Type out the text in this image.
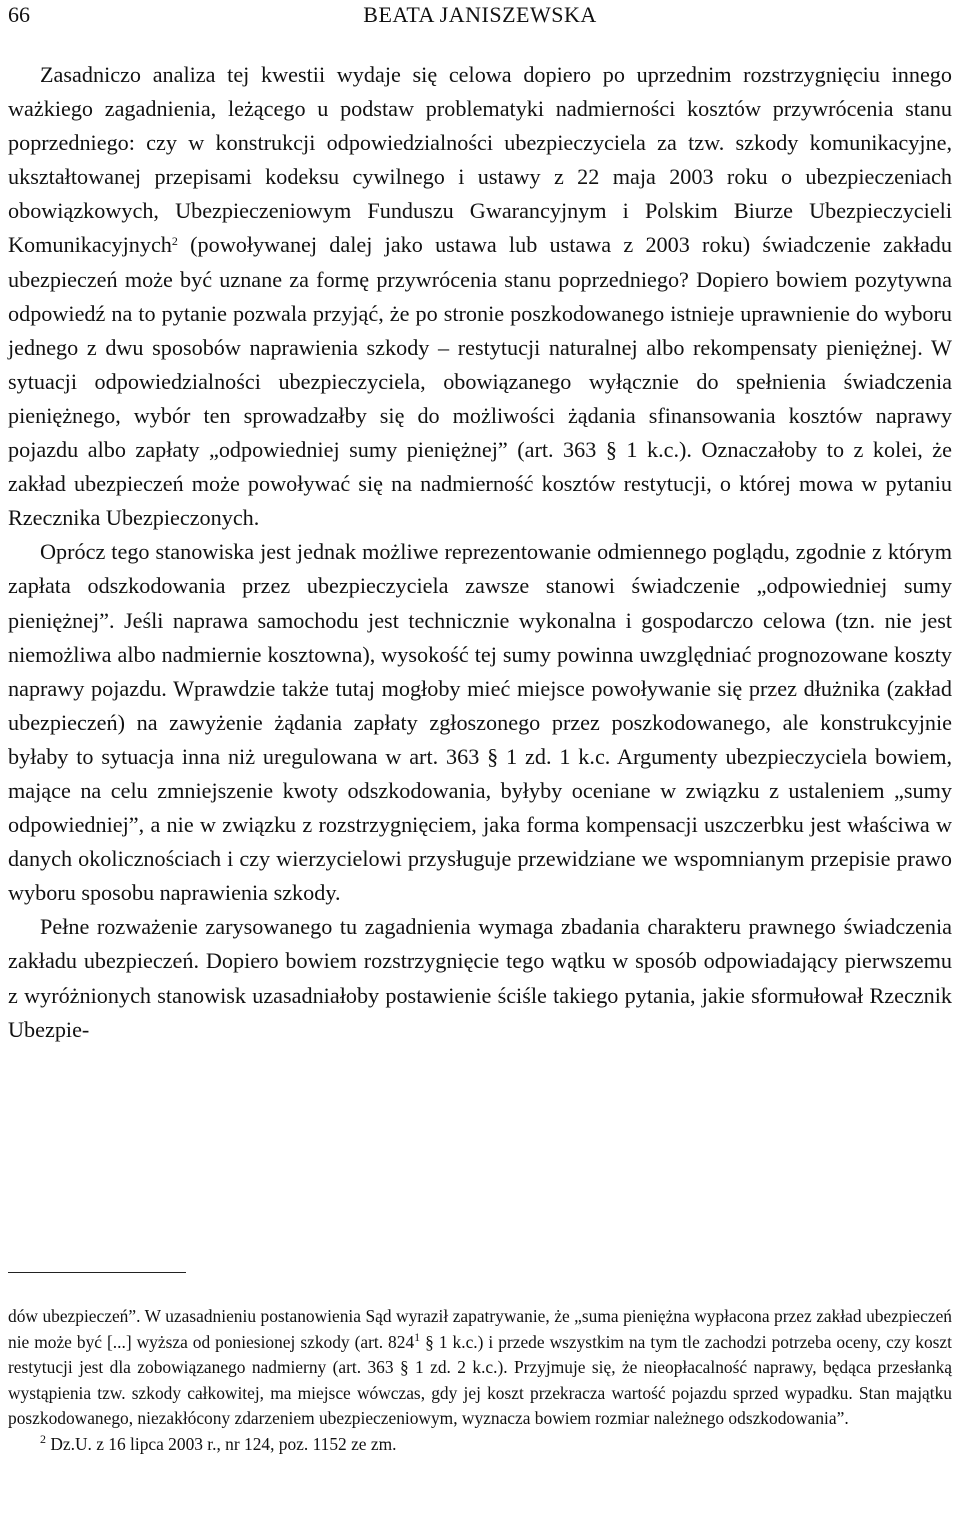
66	BEATA JANISZEWSKA

Zasadniczo analiza tej kwestii wydaje się celowa dopiero po uprzednim rozstrzygnięciu innego ważkiego zagadnienia, leżącego u podstaw problematyki nadmierności kosztów przywrócenia stanu poprzedniego: czy w konstrukcji odpowiedzialności ubezpieczyciela za tzw. szkody komunikacyjne, ukształtowanej przepisami kodeksu cywilnego i ustawy z 22 maja 2003 roku o ubezpieczeniach obowiązkowych, Ubezpieczeniowym Funduszu Gwarancyjnym i Polskim Biurze Ubezpieczycieli Komunikacyjnych$^2$ (powoływanej dalej jako ustawa lub ustawa z 2003 roku) świadczenie zakładu ubezpieczeń może być uznane za formę przywrócenia stanu poprzedniego? Dopiero bowiem pozytywna odpowiedź na to pytanie pozwala przyjąć, że po stronie poszkodowanego istnieje uprawnienie do wyboru jednego z dwu sposobów naprawienia szkody – restytucji naturalnej albo rekompensaty pieniężnej. W sytuacji odpowiedzialności ubezpieczyciela, obowiązanego wyłącznie do spełnienia świadczenia pieniężnego, wybór ten sprowadzałby się do możliwości żądania sfinansowania kosztów naprawy pojazdu albo zapłaty „odpowiedniej sumy pieniężnej” (art. 363 § 1 k.c.). Oznaczałoby to z kolei, że zakład ubezpieczeń może powoływać się na nadmierność kosztów restytucji, o której mowa w pytaniu Rzecznika Ubezpieczonych.

Oprócz tego stanowiska jest jednak możliwe reprezentowanie odmiennego poglądu, zgodnie z którym zapłata odszkodowania przez ubezpieczyciela zawsze stanowi świadczenie „odpowiedniej sumy pieniężnej”. Jeśli naprawa samochodu jest technicznie wykonalna i gospodarczo celowa (tzn. nie jest niemożliwa albo nadmiernie kosztowna), wysokość tej sumy powinna uwzględniać prognozowane koszty naprawy pojazdu. Wprawdzie także tutaj mogłoby mieć miejsce powoływanie się przez dłużnika (zakład ubezpieczeń) na zawyżenie żądania zapłaty zgłoszonego przez poszkodowanego, ale konstrukcyjnie byłaby to sytuacja inna niż uregulowana w art. 363 § 1 zd. 1 k.c. Argumenty ubezpieczyciela bowiem, mające na celu zmniejszenie kwoty odszkodowania, byłyby oceniane w związku z ustaleniem „sumy odpowiedniej”, a nie w związku z rozstrzygnięciem, jaka forma kompensacji uszczerbku jest właściwa w danych okolicznościach i czy wierzycielowi przysługuje przewidziane we wspomnianym przepisie prawo wyboru sposobu naprawienia szkody.

Pełne rozważenie zarysowanego tu zagadnienia wymaga zbadania charakteru prawnego świadczenia zakładu ubezpieczeń. Dopiero bowiem rozstrzygnięcie tego wątku w sposób odpowiadający pierwszemu z wyróżnionych stanowisk uzasadniałoby postawienie ściśle takiego pytania, jakie sformułował Rzecznik Ubezpie-

dów ubezpieczeń”. W uzasadnieniu postanowienia Sąd wyraził zapatrywanie, że „suma pieniężna wypłacona przez zakład ubezpieczeń nie może być [...] wyższa od poniesionej szkody (art. $824^1$ § 1 k.c.) i przede wszystkim na tym tle zachodzi potrzeba oceny, czy koszt restytucji jest dla zobowiązanego nadmierny (art. 363 § 1 zd. 2 k.c.). Przyjmuje się, że nieopłacalność naprawy, będąca przesłanką wystąpienia tzw. szkody całkowitej, ma miejsce wówczas, gdy jej koszt przekracza wartość pojazdu sprzed wypadku. Stan majątku poszkodowanego, niezakłócony zdarzeniem ubezpieczeniowym, wyznacza bowiem rozmiar należnego odszkodowania”.

$^2$ Dz.U. z 16 lipca 2003 r., nr 124, poz. 1152 ze zm.
